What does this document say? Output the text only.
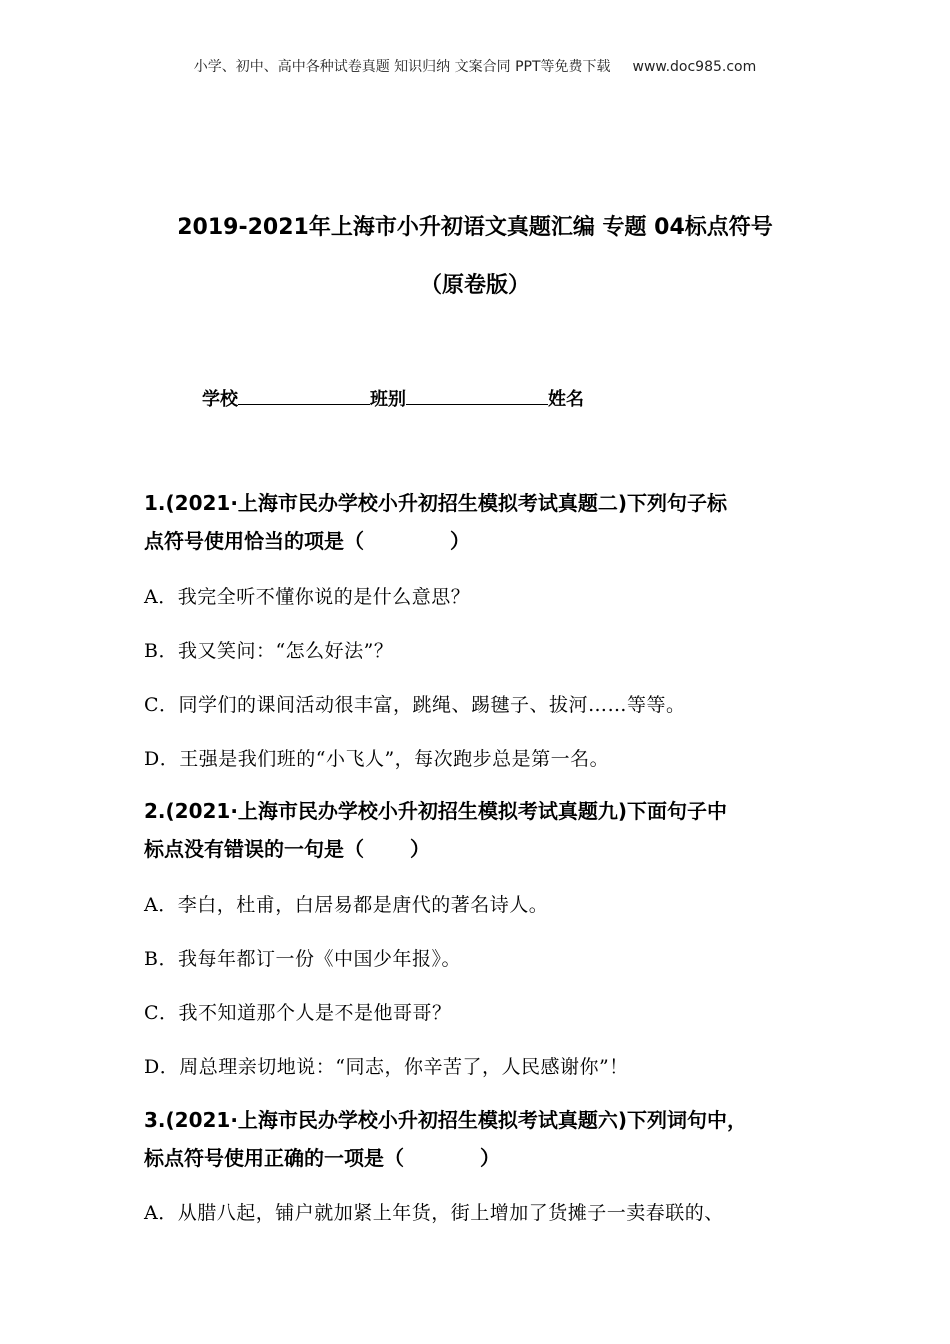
小学、初中、高中各种试卷真题 知识归纳 文案合同 PPT等免费下载 www.doc985.com
2019-2021年上海市小升初语文真题汇编 专题 04标点符号
（原卷版）
学校	班别	姓名
1.(2021·上海市民办学校小升初招生模拟考试真题二)下列句子标
点符号使用恰当的项是（	）
A．我完全听不懂你说的是什么意思？
B．我又笑问：“怎么好法”？
C．同学们的课间活动很丰富，跳绳、踢毽子、拔河……等等。
D．王强是我们班的“小飞人”，每次跑步总是第一名。
2.(2021·上海市民办学校小升初招生模拟考试真题九)下面句子中
标点没有错误的一句是（ ）
A．李白，杜甫，白居易都是唐代的著名诗人。
B．我每年都订一份《中国少年报》。
C．我不知道那个人是不是他哥哥？
D．周总理亲切地说：“同志，你辛苦了，人民感谢你”！
3.(2021·上海市民办学校小升初招生模拟考试真题六)下列词句中，
标点符号使用正确的一项是（	）
A．从腊八起，铺户就加紧上年货，街上增加了货摊子一卖春联的、
